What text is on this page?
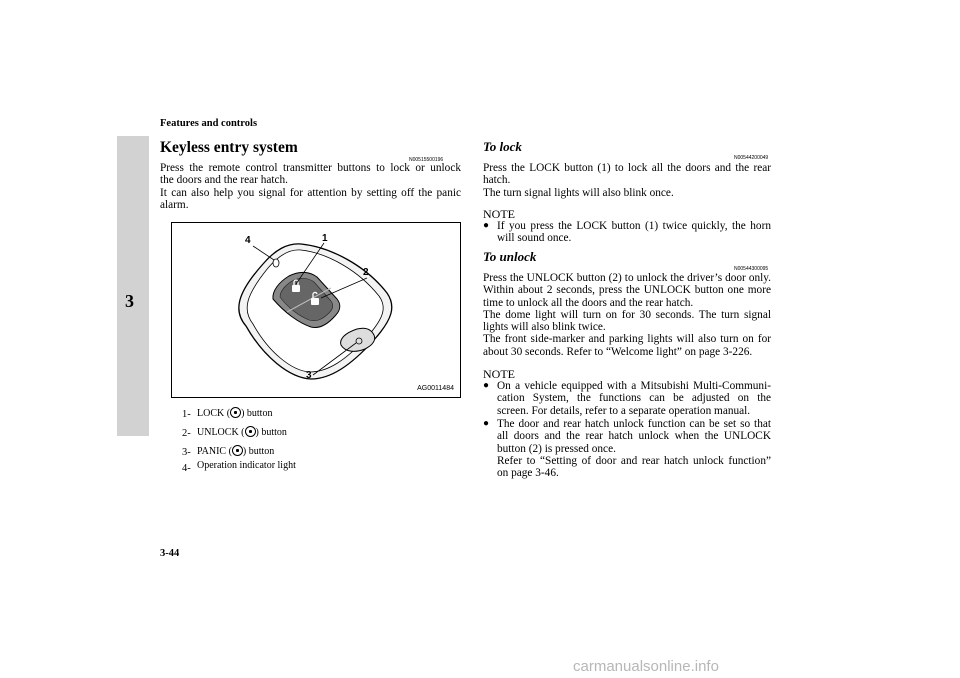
Features and controls
3
Keyless entry system
N00515500196
Press the remote control transmitter buttons to lock or unlock
the doors and the rear hatch.
It can also help you signal for attention by setting off the panic
alarm.
4	1
2
3
AG0011484
1- LOCK ( ) button
2- UNLOCK ( ) button
3- PANIC ( ) button
4- Operation indicator light
To lock
N00544200049
Press the LOCK button (1) to lock all the doors and the rear
hatch.
The turn signal lights will also blink once.
NOTE
● If you press the LOCK button (1) twice quickly, the horn
will sound once.
To unlock
N00544300095
Press the UNLOCK button (2) to unlock the driver’s door only.
Within about 2 seconds, press the UNLOCK button one more
time to unlock all the doors and the rear hatch.
The dome light will turn on for 30 seconds. The turn signal
lights will also blink twice.
The front side-marker and parking lights will also turn on for
about 30 seconds. Refer to “Welcome light” on page 3-226.
NOTE
● On a vehicle equipped with a Mitsubishi Multi-Communi-
cation System, the functions can be adjusted on the
screen. For details, refer to a separate operation manual.
● The door and rear hatch unlock function can be set so that
all doors and the rear hatch unlock when the UNLOCK
button (2) is pressed once.
Refer to “Setting of door and rear hatch unlock function”
on page 3-46.
3-44
carmanualsonline.info
